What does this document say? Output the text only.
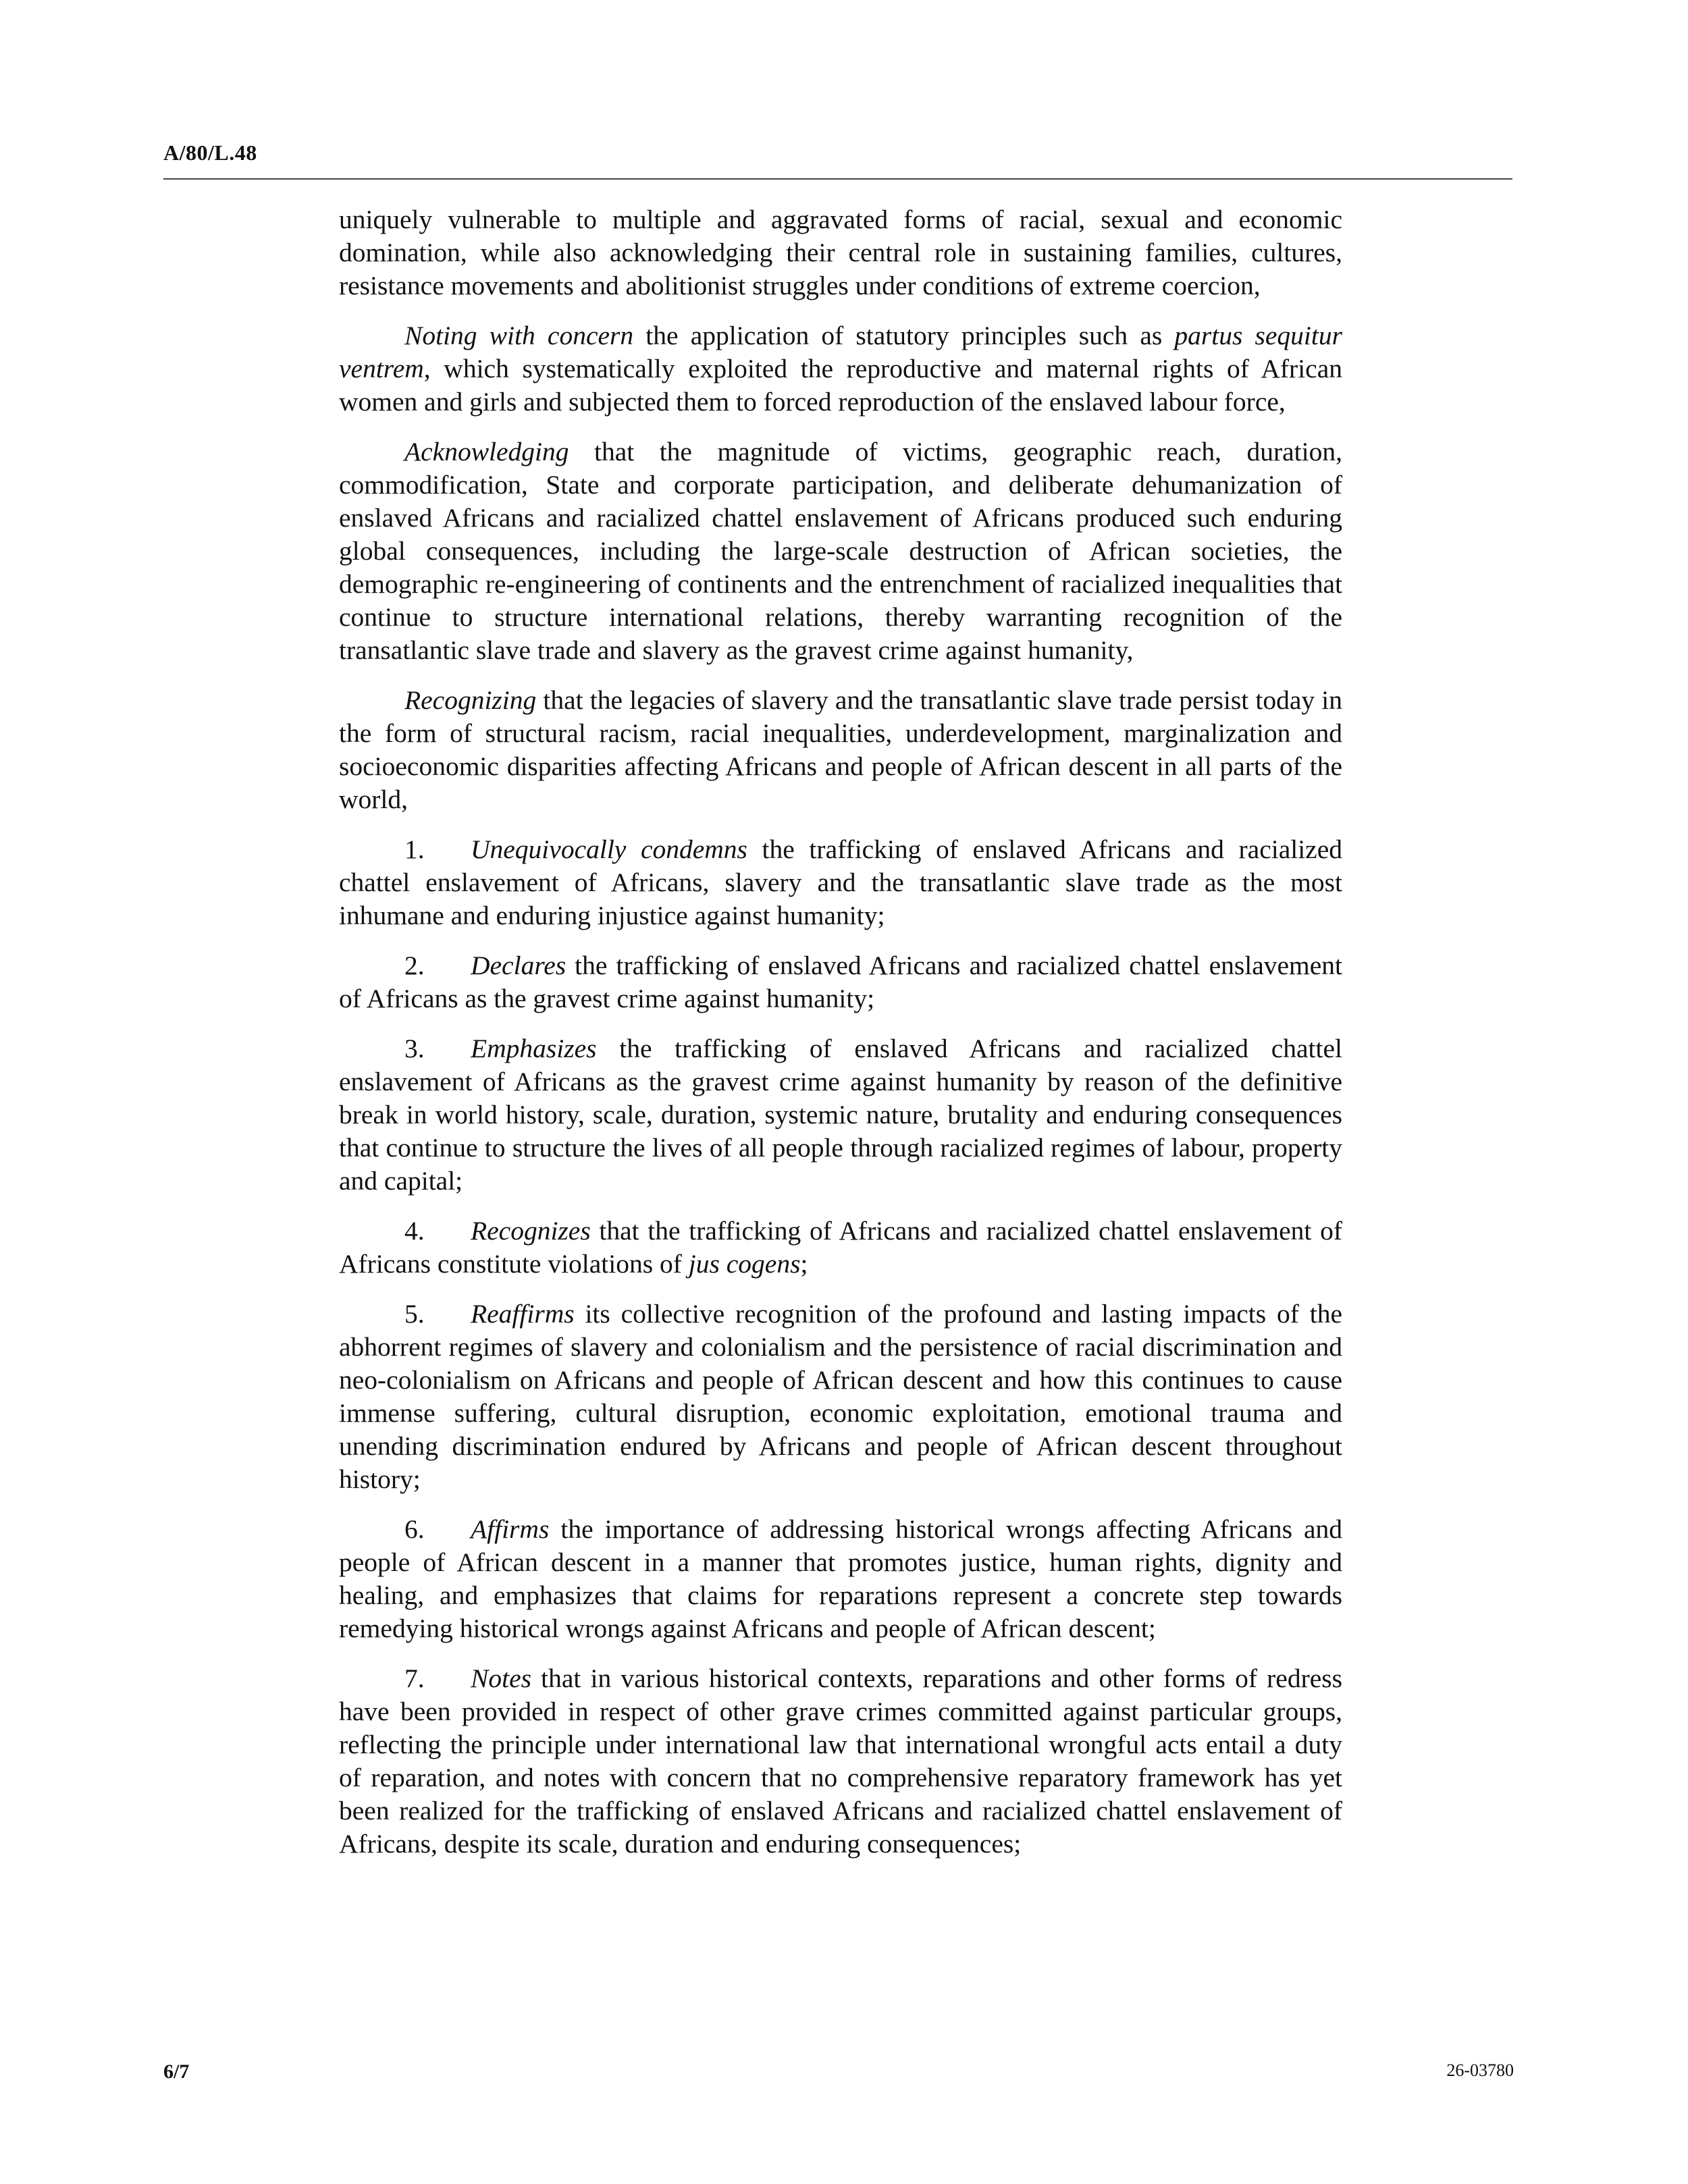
A/80/L.48

uniquely vulnerable to multiple and aggravated forms of racial, sexual and economic domination, while also acknowledging their central role in sustaining families, cultures, resistance movements and abolitionist struggles under conditions of extreme coercion,

Noting with concern the application of statutory principles such as partus sequitur ventrem, which systematically exploited the reproductive and maternal rights of African women and girls and subjected them to forced reproduction of the enslaved labour force,

Acknowledging that the magnitude of victims, geographic reach, duration, commodification, State and corporate participation, and deliberate dehumanization of enslaved Africans and racialized chattel enslavement of Africans produced such enduring global consequences, including the large-scale destruction of African societies, the demographic re-engineering of continents and the entrenchment of racialized inequalities that continue to structure international relations, thereby warranting recognition of the transatlantic slave trade and slavery as the gravest crime against humanity,

Recognizing that the legacies of slavery and the transatlantic slave trade persist today in the form of structural racism, racial inequalities, underdevelopment, marginalization and socioeconomic disparities affecting Africans and people of African descent in all parts of the world,

1. Unequivocally condemns the trafficking of enslaved Africans and racialized chattel enslavement of Africans, slavery and the transatlantic slave trade as the most inhumane and enduring injustice against humanity;

2. Declares the trafficking of enslaved Africans and racialized chattel enslavement of Africans as the gravest crime against humanity;

3. Emphasizes the trafficking of enslaved Africans and racialized chattel enslavement of Africans as the gravest crime against humanity by reason of the definitive break in world history, scale, duration, systemic nature, brutality and enduring consequences that continue to structure the lives of all people through racialized regimes of labour, property and capital;

4. Recognizes that the trafficking of Africans and racialized chattel enslavement of Africans constitute violations of jus cogens;

5. Reaffirms its collective recognition of the profound and lasting impacts of the abhorrent regimes of slavery and colonialism and the persistence of racial discrimination and neo-colonialism on Africans and people of African descent and how this continues to cause immense suffering, cultural disruption, economic exploitation, emotional trauma and unending discrimination endured by Africans and people of African descent throughout history;

6. Affirms the importance of addressing historical wrongs affecting Africans and people of African descent in a manner that promotes justice, human rights, dignity and healing, and emphasizes that claims for reparations represent a concrete step towards remedying historical wrongs against Africans and people of African descent;

7. Notes that in various historical contexts, reparations and other forms of redress have been provided in respect of other grave crimes committed against particular groups, reflecting the principle under international law that international wrongful acts entail a duty of reparation, and notes with concern that no comprehensive reparatory framework has yet been realized for the trafficking of enslaved Africans and racialized chattel enslavement of Africans, despite its scale, duration and enduring consequences;

6/7	26-03780
